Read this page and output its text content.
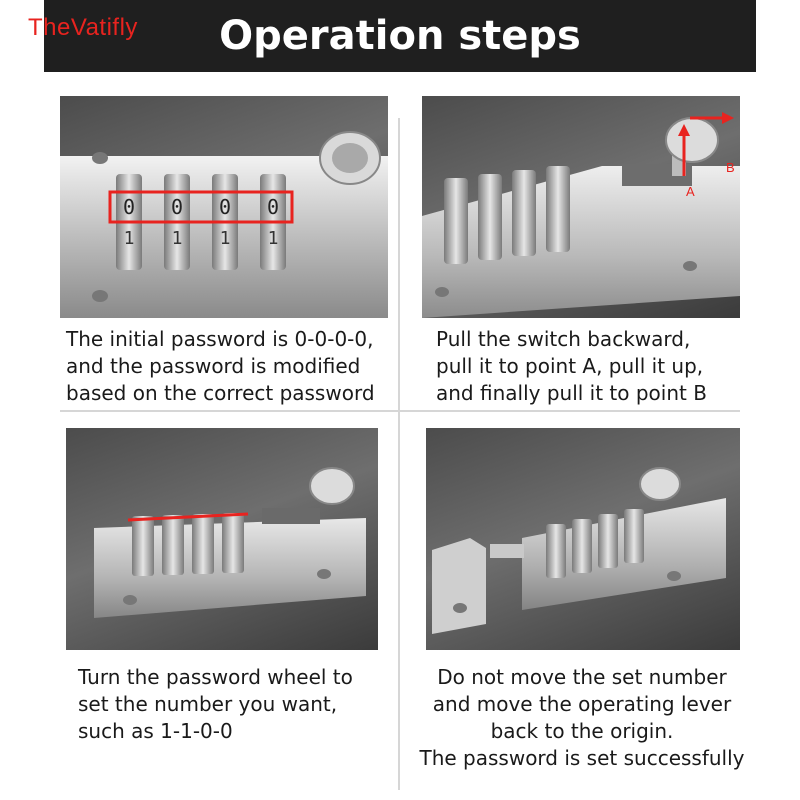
TheVatifly Operation steps
0 0 0 0
1 1 1 1
A
B
The initial password is 0-0-0-0,
and the password is modified
based on the correct password
Pull the switch backward,
pull it to point A, pull it up,
and finally pull it to point B
Turn the password wheel to
set the number you want,
such as 1-1-0-0
Do not move the set number
and move the operating lever
back to the origin.
The password is set successfully
